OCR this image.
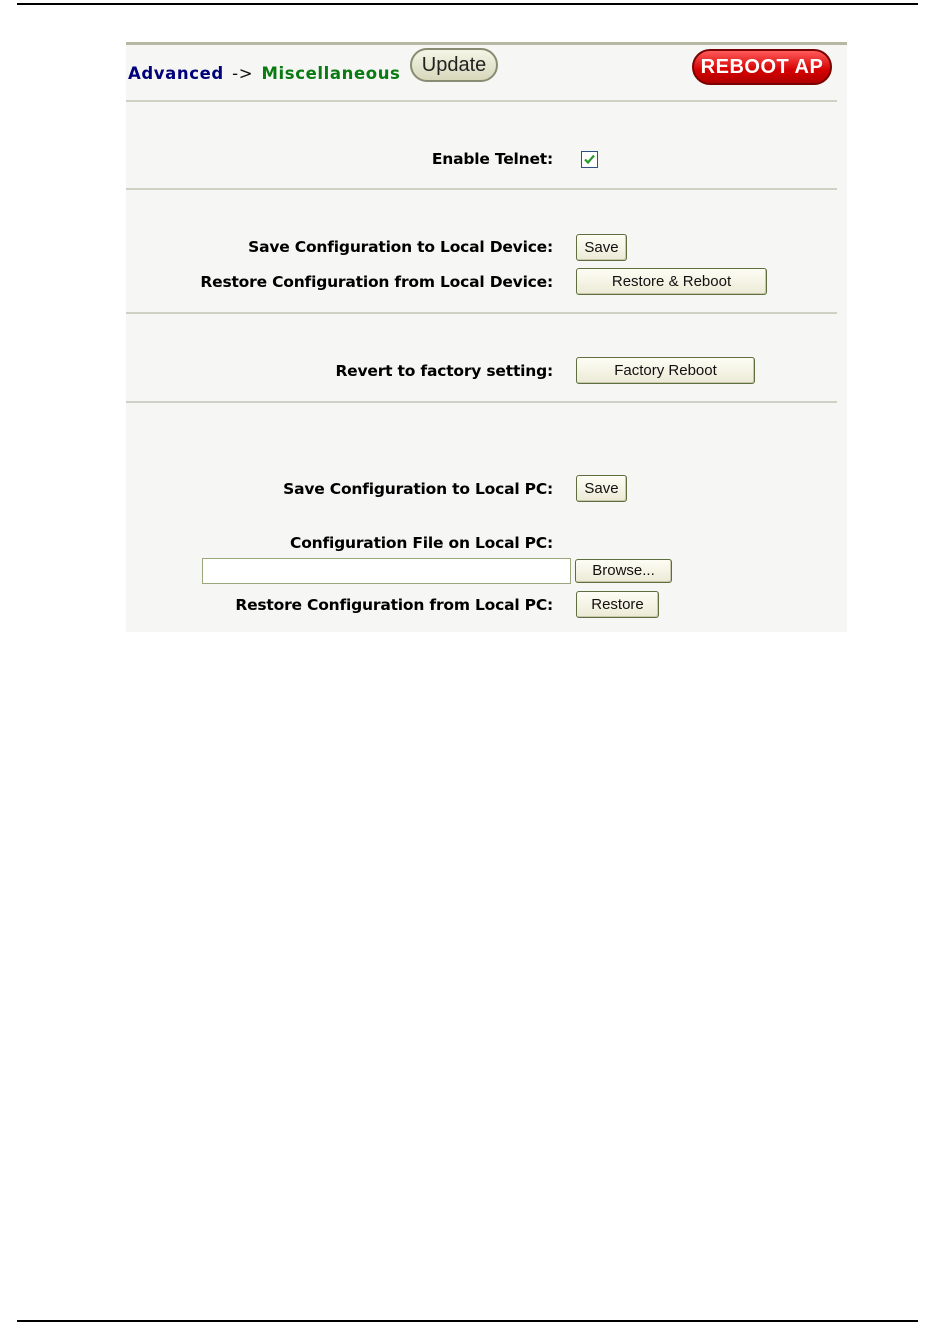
Advanced -> Miscellaneous	Update	REBOOT AP
Enable Telnet:
Save Configuration to Local Device:	Save
Restore Configuration from Local Device:	Restore & Reboot
Revert to factory setting:	Factory Reboot
Save Configuration to Local PC:	Save
Configuration File on Local PC:
Browse...
Restore Configuration from Local PC:	Restore
